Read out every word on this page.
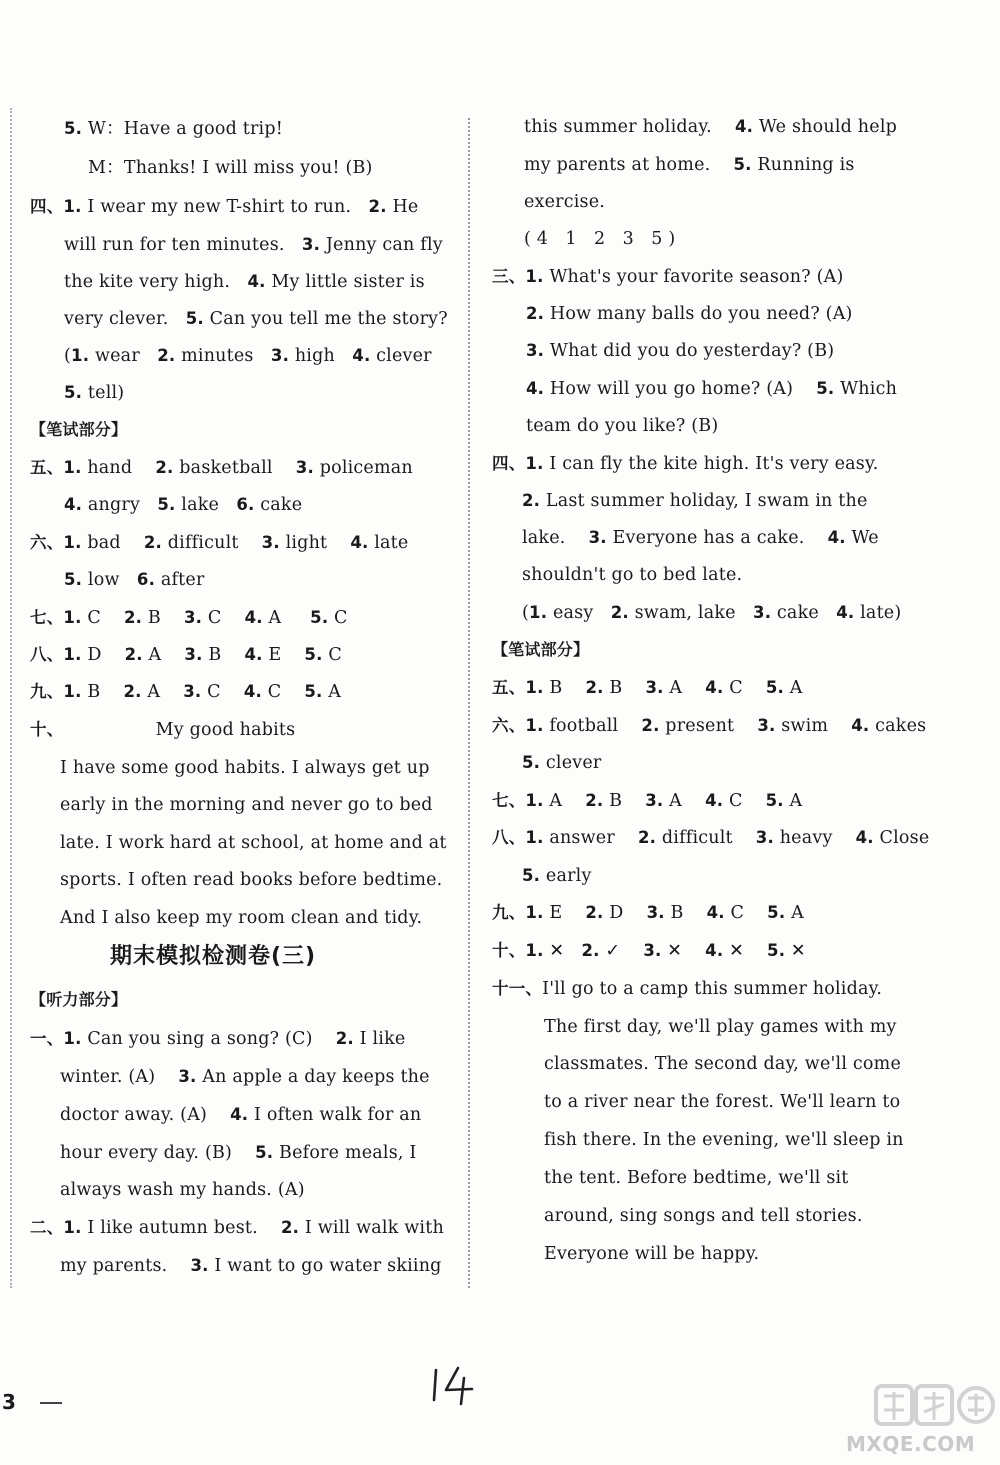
5. W：Have a good trip!
M：Thanks! I will miss you! (B)
四、1. I wear my new T-shirt to run.   2. He
will run for ten minutes.   3. Jenny can fly
the kite very high.   4. My little sister is
very clever.   5. Can you tell me the story?
(1. wear   2. minutes   3. high   4. clever
5. tell)
【笔试部分】
五、1. hand    2. basketball    3. policeman
4. angry   5. lake   6. cake
六、1. bad    2. difficult    3. light    4. late
5. low   6. after
七、1. C    2. B    3. C    4. A     5. C
八、1. D    2. A    3. B    4. E    5. C
九、1. B    2. A    3. C    4. C    5. A
十、                My good habits
I have some good habits. I always get up
early in the morning and never go to bed
late. I work hard at school, at home and at
sports. I often read books before bedtime.
And I also keep my room clean and tidy.
期末模拟检测卷(三)
【听力部分】
一、1. Can you sing a song? (C)    2. I like
winter. (A)    3. An apple a day keeps the
doctor away. (A)    4. I often walk for an
hour every day. (B)    5. Before meals, I
always wash my hands. (A)
二、1. I like autumn best.    2. I will walk with
my parents.    3. I want to go water skiing
this summer holiday.    4. We should help
my parents at home.    5. Running is
exercise.
( 4   1   2   3   5 )
三、1. What's your favorite season? (A)
2. How many balls do you need? (A)
3. What did you do yesterday? (B)
4. How will you go home? (A)    5. Which
team do you like? (B)
四、1. I can fly the kite high. It's very easy.
2. Last summer holiday, I swam in the
lake.    3. Everyone has a cake.    4. We
shouldn't go to bed late.
(1. easy   2. swam, lake   3. cake   4. late)
【笔试部分】
五、1. B    2. B    3. A    4. C    5. A
六、1. football    2. present    3. swim    4. cakes
5. clever
七、1. A    2. B    3. A    4. C    5. A
八、1. answer    2. difficult    3. heavy    4. Close
5. early
九、1. E    2. D    3. B    4. C    5. A
十、1. ✕   2. ✓    3. ✕    4. ✕    5. ✕
十一、I'll go to a camp this summer holiday.
The first day, we'll play games with my
classmates. The second day, we'll come
to a river near the forest. We'll learn to
fish there. In the evening, we'll sleep in
the tent. Before bedtime, we'll sit
around, sing songs and tell stories.
Everyone will be happy.
3
MXQE.COM
